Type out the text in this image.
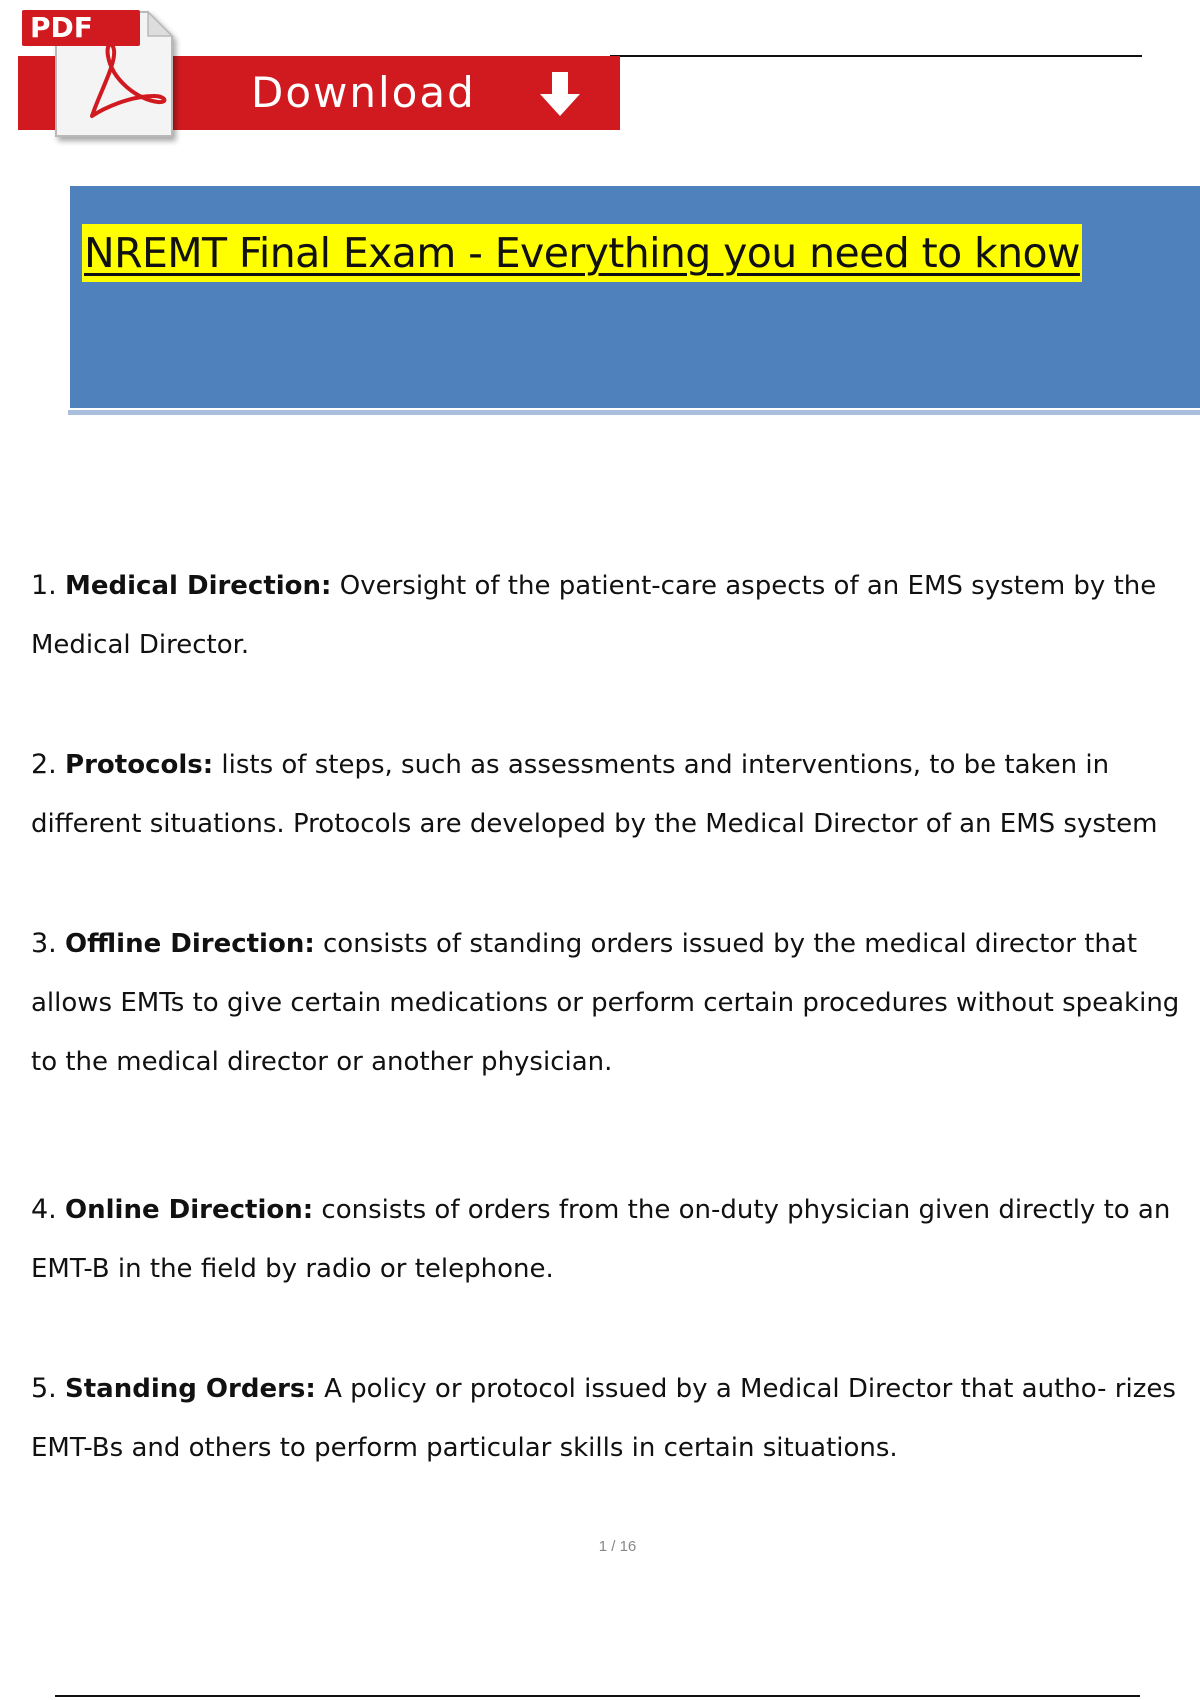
Download
PDF
NREMT Final Exam - Everything you need to know

1. Medical Direction: Oversight of the patient-care aspects of an EMS system by the Medical Director.

2. Protocols: lists of steps, such as assessments and interventions, to be taken in different situations. Protocols are developed by the Medical Director of an EMS system

3. Offline Direction: consists of standing orders issued by the medical director that allows EMTs to give certain medications or perform certain procedures without speaking to the medical director or another physician.

4. Online Direction: consists of orders from the on-duty physician given directly to an EMT-B in the field by radio or telephone.

5. Standing Orders: A policy or protocol issued by a Medical Director that autho- rizes EMT-Bs and others to perform particular skills in certain situations.

1 / 16
